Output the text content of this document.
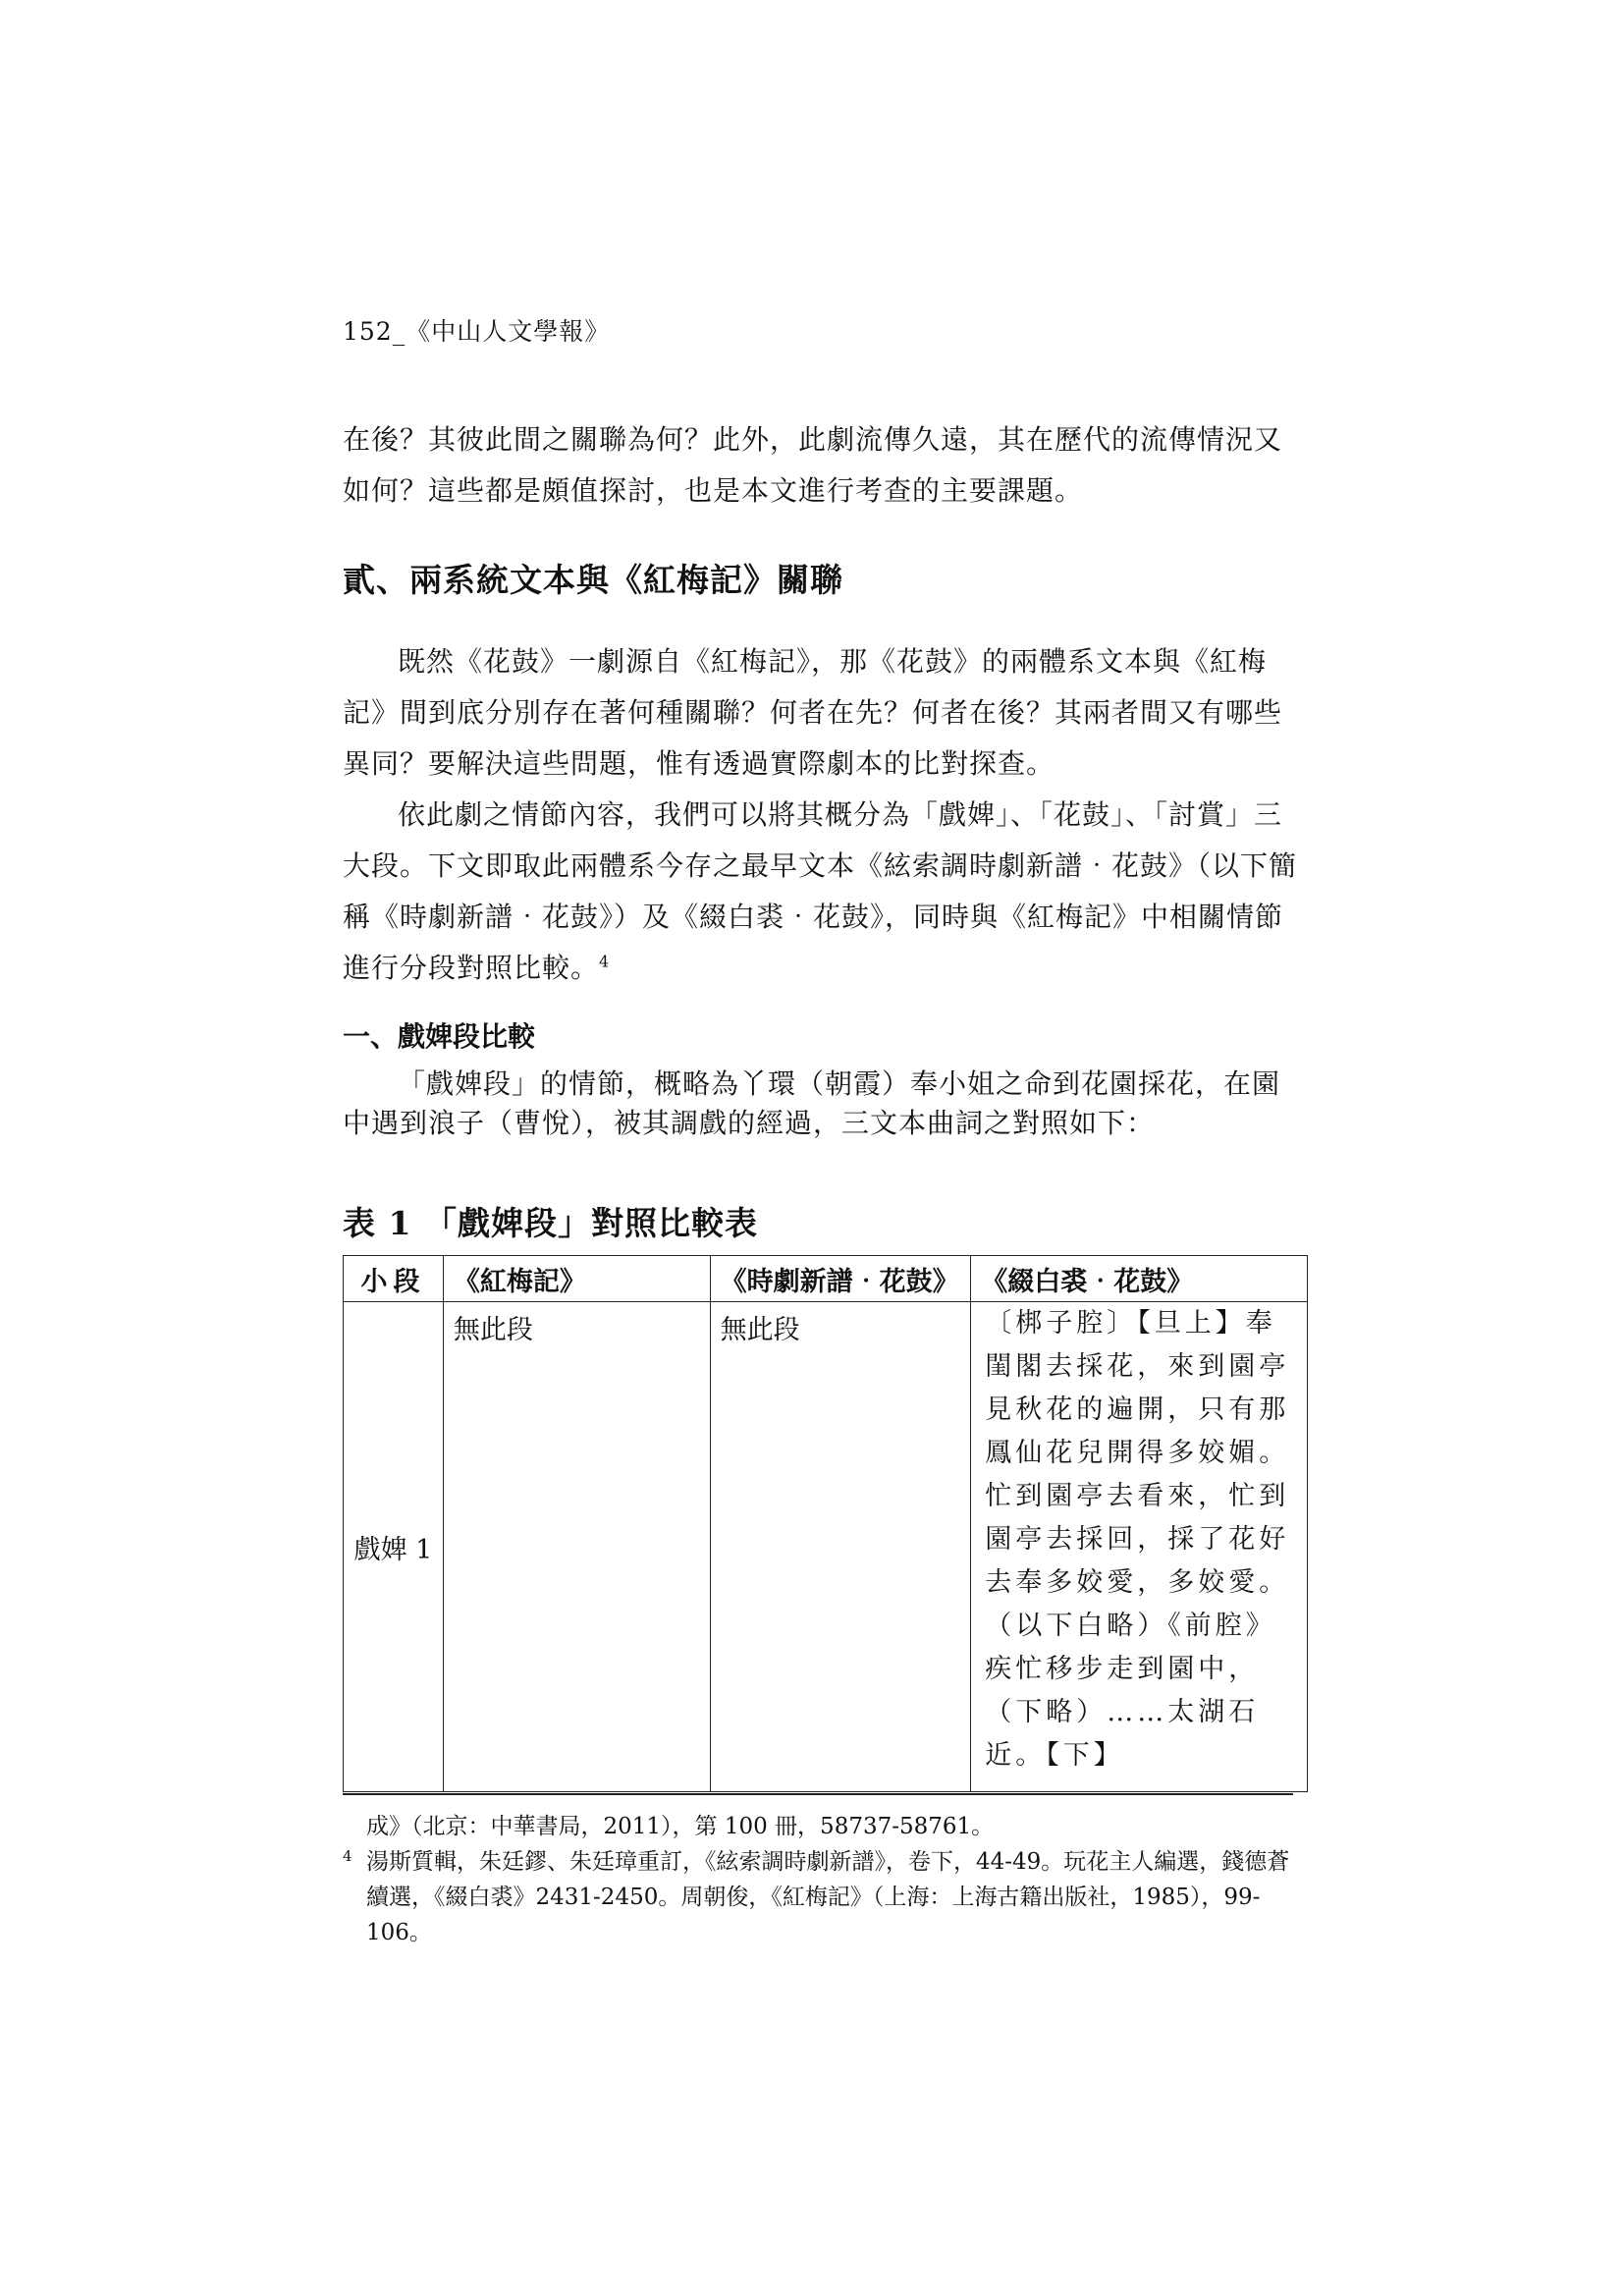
152_《中山人文學報》

在後？其彼此間之關聯為何？此外，此劇流傳久遠，其在歷代的流傳情況又如何？這些都是頗值探討，也是本文進行考查的主要課題。

貳、兩系統文本與《紅梅記》關聯

既然《花鼓》一劇源自《紅梅記》，那《花鼓》的兩體系文本與《紅梅記》間到底分別存在著何種關聯？何者在先？何者在後？其兩者間又有哪些異同？要解決這些問題，惟有透過實際劇本的比對探查。

依此劇之情節內容，我們可以將其概分為「戲婢」、「花鼓」、「討賞」三大段。下文即取此兩體系今存之最早文本《絃索調時劇新譜‧花鼓》（以下簡稱《時劇新譜‧花鼓》）及《綴白裘‧花鼓》，同時與《紅梅記》中相關情節進行分段對照比較。$^4$

一、戲婢段比較

「戲婢段」的情節，概略為丫環（朝霞）奉小姐之命到花園採花，在園中遇到浪子（曹悅），被其調戲的經過，三文本曲詞之對照如下：

表 1 「戲婢段」對照比較表
小段	《紅梅記》	《時劇新譜‧花鼓》	《綴白裘‧花鼓》
戲婢 1	無此段	無此段	〔梆子腔〕【旦上】奉閨閣去採花，來到園亭見秋花的遍開，只有那鳳仙花兒開得多姣媚。忙到園亭去看來，忙到園亭去採回，採了花好去奉多姣愛，多姣愛。（以下白略）《前腔》疾忙移步走到園中，（下略）……太湖石近。【下】

成》（北京：中華書局，2011），第 100 冊，58737-58761。

4 湯斯質輯，朱廷鏐、朱廷璋重訂，《絃索調時劇新譜》，卷下，44-49。玩花主人編選，錢德蒼續選，《綴白裘》2431-2450。周朝俊，《紅梅記》（上海：上海古籍出版社，1985），99-106。
